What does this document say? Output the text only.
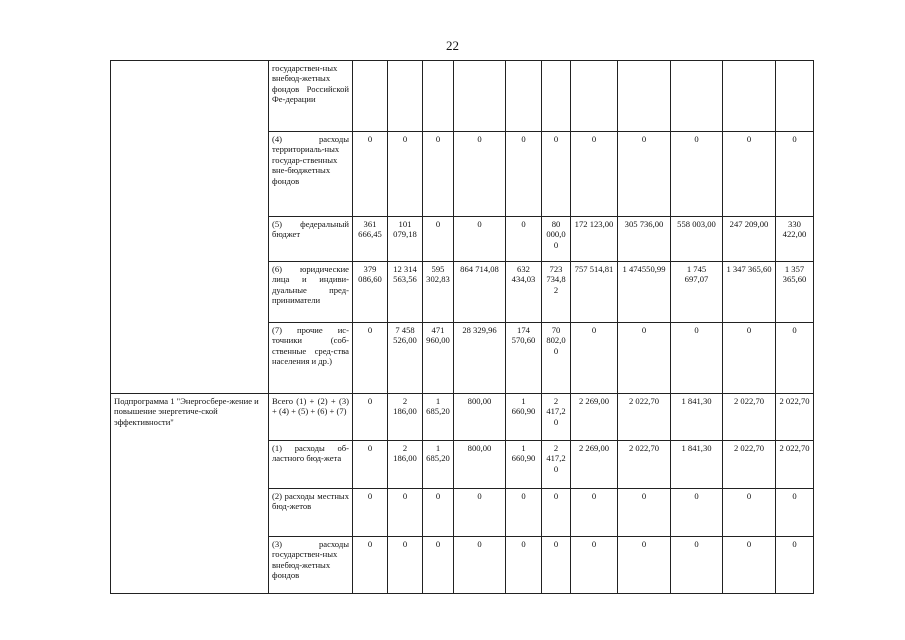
22
	государствен-ных внебюд-жетных фондов Российской Фе-дерации											
	(4) расходы территориаль-ных государ-ственных вне-бюджетных фондов	0	0	0	0	0	0	0	0	0	0	0
	(5) федеральный бюджет	361 666,45	101 079,18	0	0	0	80 000,00	172 123,00	305 736,00	558 003,00	247 209,00	330 422,00
	(6) юридические лица и индиви-дуальные пред-приниматели	379 086,60	12 314 563,56	595 302,83	864 714,08	632 434,03	723 734,82	757 514,81	1 474550,99	1 745 697,07	1 347 365,60	1 357 365,60
	(7) прочие ис-точники (соб-ственные сред-ства населения и др.)	0	7 458 526,00	471 960,00	28 329,96	174 570,60	70 802,00	0	0	0	0	0
Подпрограмма 1 "Энергосбере-жение и повышение энергетиче-ской эффективности"	Всего (1) + (2) + (3) + (4) + (5) + (6) + (7)	0	2 186,00	1 685,20	800,00	1 660,90	2 417,20	2 269,00	2 022,70	1 841,30	2 022,70	2 022,70
	(1) расходы об-ластного бюд-жета	0	2 186,00	1 685,20	800,00	1 660,90	2 417,20	2 269,00	2 022,70	1 841,30	2 022,70	2 022,70
	(2) расходы местных бюд-жетов	0	0	0	0	0	0	0	0	0	0	0
	(3) расходы государствен-ных внебюд-жетных фондов	0	0	0	0	0	0	0	0	0	0	0
